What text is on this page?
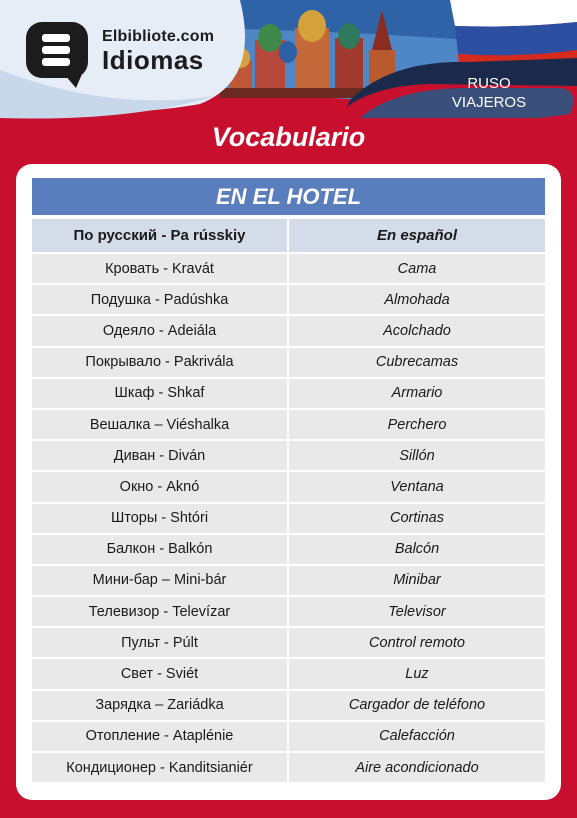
Elbibliote.com
Idiomas
RUSO
VIAJEROS
Vocabulario
EN EL HOTEL
По русский - Pa rússkiy	En español
Кровать - Kravát	Cama
Подушка - Padúshka	Almohada
Одеяло - Adeiála	Acolchado
Покрывало - Pakrivála	Cubrecamas
Шкаф - Shkaf	Armario
Вешалка – Viéshalka	Perchero
Диван - Diván	Sillón
Окно - Aknó	Ventana
Шторы - Shtóri	Cortinas
Балкон - Balkón	Balcón
Мини-бар – Mini-bár	Minibar
Телевизор - Televízar	Televisor
Пульт - Púlt	Control remoto
Свет - Sviét	Luz
Зарядка – Zariádka	Cargador de teléfono
Отопление - Ataplénie	Calefacción
Кондиционер - Kanditsianiér	Aire acondicionado
